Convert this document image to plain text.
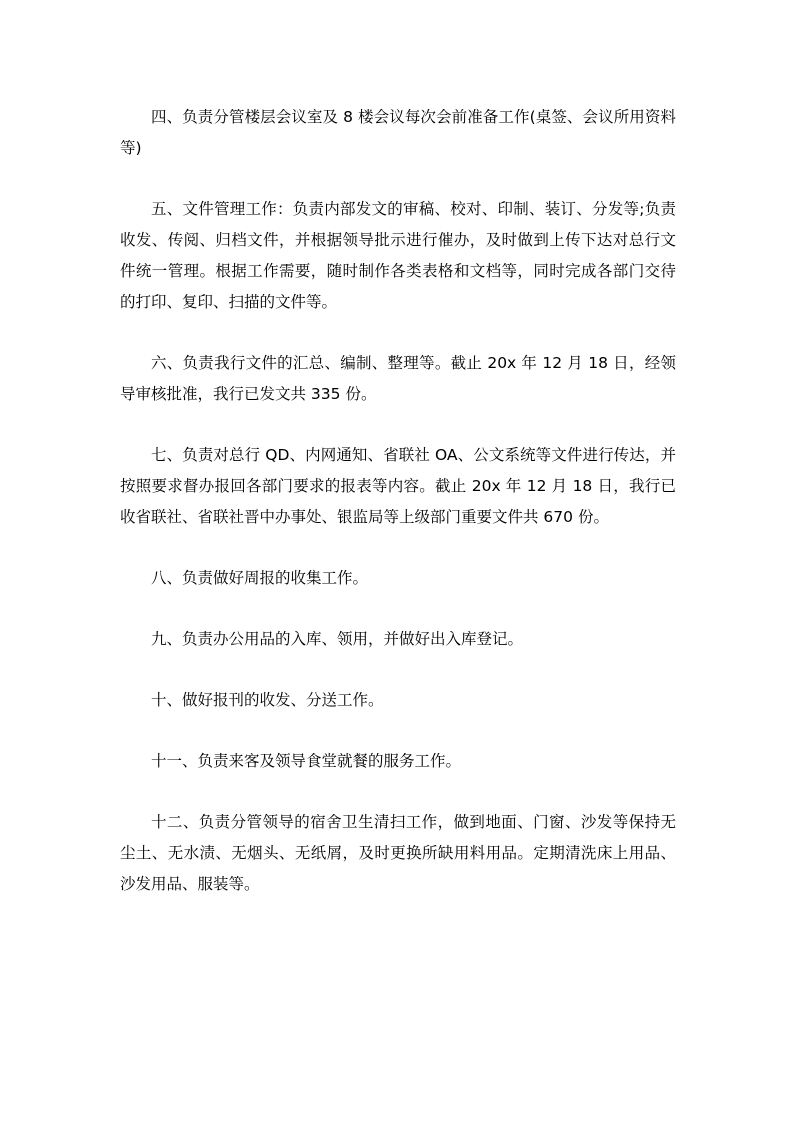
四、负责分管楼层会议室及 8 楼会议每次会前准备工作(桌签、会议所用资料等)

五、文件管理工作：负责内部发文的审稿、校对、印制、装订、分发等;负责收发、传阅、归档文件，并根据领导批示进行催办，及时做到上传下达对总行文件统一管理。根据工作需要，随时制作各类表格和文档等，同时完成各部门交待的打印、复印、扫描的文件等。

六、负责我行文件的汇总、编制、整理等。截止 20x 年 12 月 18 日，经领导审核批准，我行已发文共 335 份。

七、负责对总行 QD、内网通知、省联社 OA、公文系统等文件进行传达，并按照要求督办报回各部门要求的报表等内容。截止 20x 年 12 月 18 日，我行已收省联社、省联社晋中办事处、银监局等上级部门重要文件共 670 份。

八、负责做好周报的收集工作。

九、负责办公用品的入库、领用，并做好出入库登记。

十、做好报刊的收发、分送工作。

十一、负责来客及领导食堂就餐的服务工作。

十二、负责分管领导的宿舍卫生清扫工作，做到地面、门窗、沙发等保持无尘土、无水渍、无烟头、无纸屑，及时更换所缺用料用品。定期清洗床上用品、沙发用品、服装等。
